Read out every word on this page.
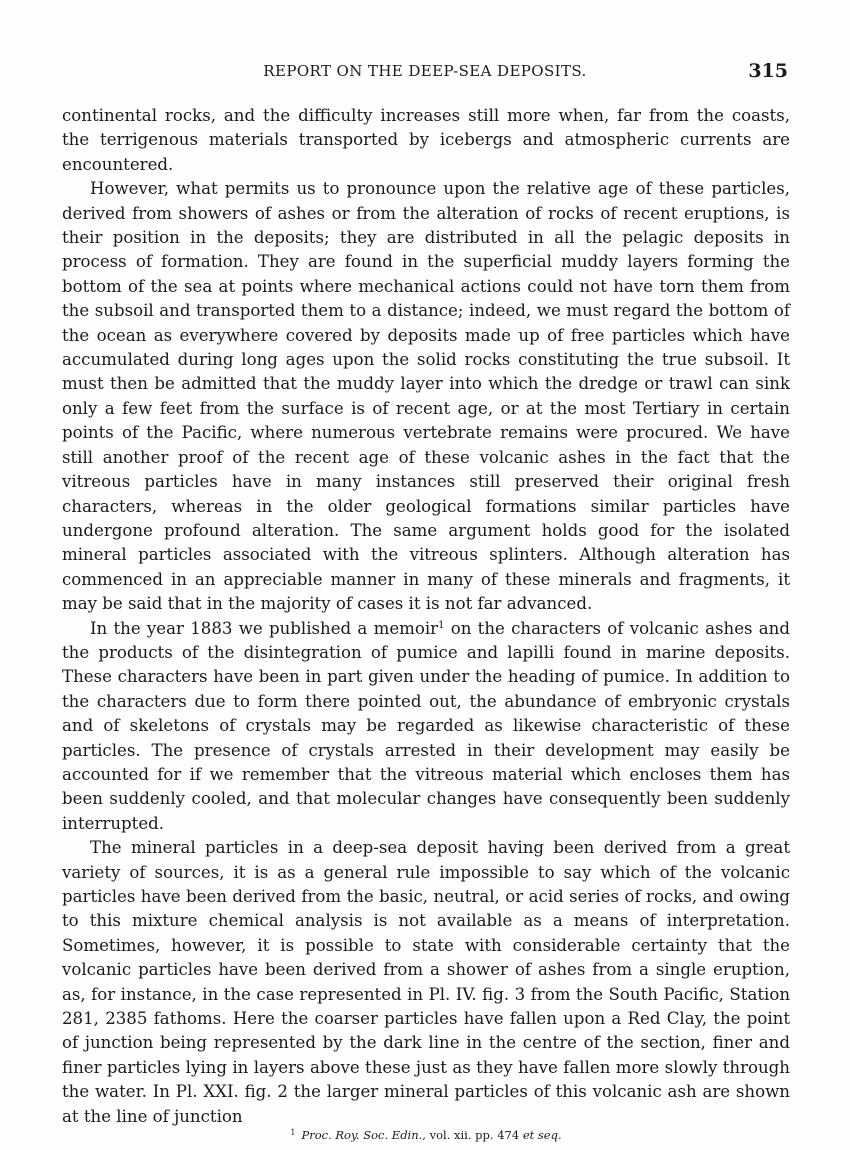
REPORT ON THE DEEP-SEA DEPOSITS.	315

continental rocks, and the difficulty increases still more when, far from the coasts, the terrigenous materials transported by icebergs and atmospheric currents are encountered.

However, what permits us to pronounce upon the relative age of these particles, derived from showers of ashes or from the alteration of rocks of recent eruptions, is their position in the deposits; they are distributed in all the pelagic deposits in process of formation. They are found in the superficial muddy layers forming the bottom of the sea at points where mechanical actions could not have torn them from the subsoil and transported them to a distance; indeed, we must regard the bottom of the ocean as everywhere covered by deposits made up of free particles which have accumulated during long ages upon the solid rocks constituting the true subsoil. It must then be admitted that the muddy layer into which the dredge or trawl can sink only a few feet from the surface is of recent age, or at the most Tertiary in certain points of the Pacific, where numerous vertebrate remains were procured. We have still another proof of the recent age of these volcanic ashes in the fact that the vitreous particles have in many instances still preserved their original fresh characters, whereas in the older geological formations similar particles have undergone profound alteration. The same argument holds good for the isolated mineral particles associated with the vitreous splinters. Although alteration has commenced in an appreciable manner in many of these minerals and fragments, it may be said that in the majority of cases it is not far advanced.

In the year 1883 we published a memoir$^1$ on the characters of volcanic ashes and the products of the disintegration of pumice and lapilli found in marine deposits. These characters have been in part given under the heading of pumice. In addition to the characters due to form there pointed out, the abundance of embryonic crystals and of skeletons of crystals may be regarded as likewise characteristic of these particles. The presence of crystals arrested in their development may easily be accounted for if we remember that the vitreous material which encloses them has been suddenly cooled, and that molecular changes have consequently been suddenly interrupted.

The mineral particles in a deep-sea deposit having been derived from a great variety of sources, it is as a general rule impossible to say which of the volcanic particles have been derived from the basic, neutral, or acid series of rocks, and owing to this mixture chemical analysis is not available as a means of interpretation. Sometimes, however, it is possible to state with considerable certainty that the volcanic particles have been derived from a shower of ashes from a single eruption, as, for instance, in the case represented in Pl. IV. fig. 3 from the South Pacific, Station 281, 2385 fathoms. Here the coarser particles have fallen upon a Red Clay, the point of junction being represented by the dark line in the centre of the section, finer and finer particles lying in layers above these just as they have fallen more slowly through the water. In Pl. XXI. fig. 2 the larger mineral particles of this volcanic ash are shown at the line of junction

$^1$ Proc. Roy. Soc. Edin., vol. xii. pp. 474 et seq.
